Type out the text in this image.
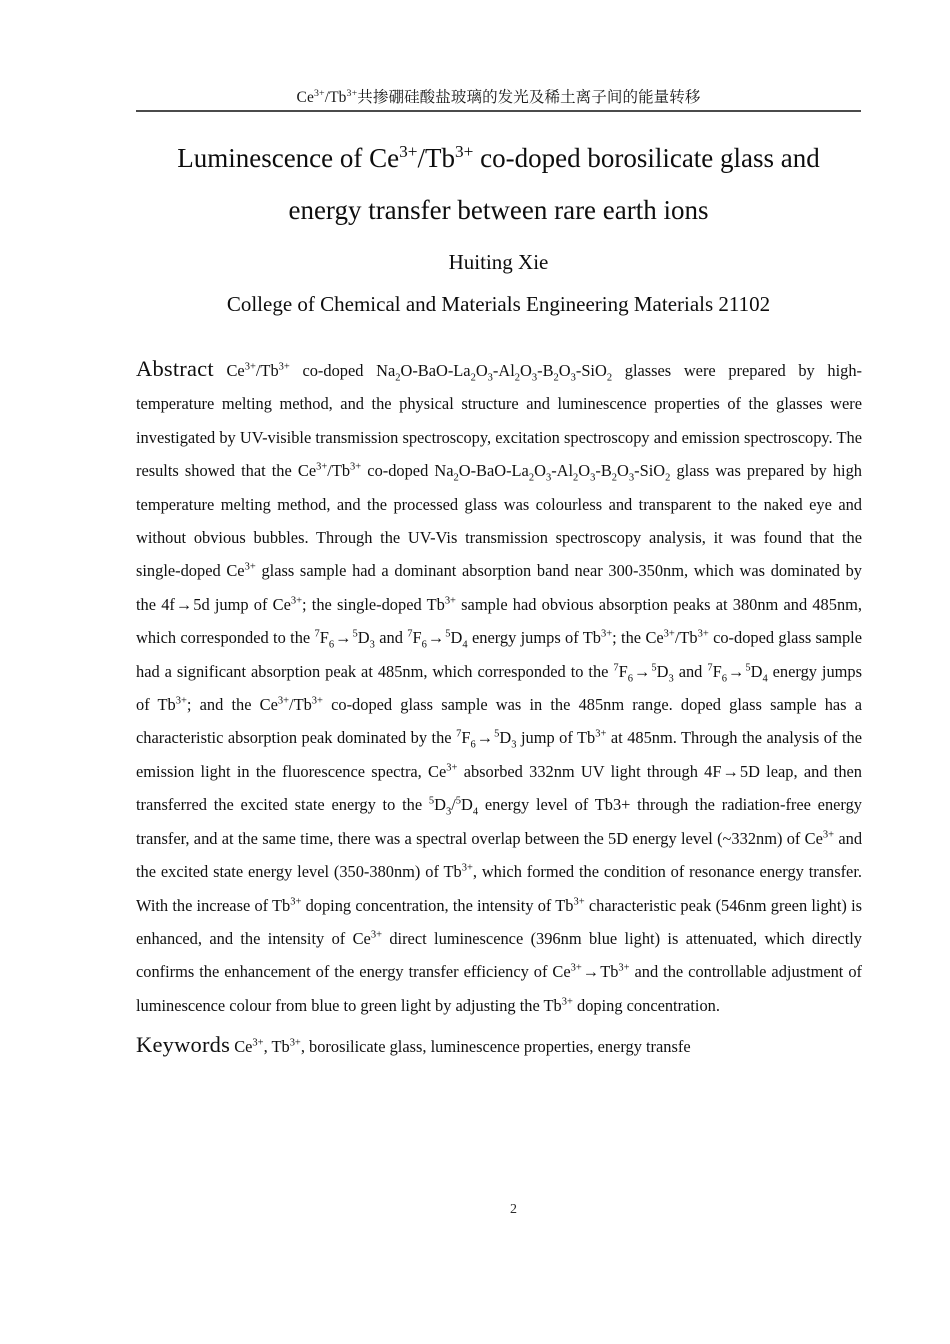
$Ce^{3+}/Tb^{3+}$共掺硼硅酸盐玻璃的发光及稀土离子间的能量转移
Luminescence of $Ce^{3+}/Tb^{3+}$ co-doped borosilicate glass and
energy transfer between rare earth ions
Huiting Xie
College of Chemical and Materials Engineering Materials 21102

Abstract $Ce^{3+}/Tb^{3+}$ co-doped $Na_2O-BaO-La_2O_3-Al_2O_3-B_2O_3-SiO_2$ glasses were prepared by high-temperature melting method, and the physical structure and luminescence properties of the glasses were investigated by UV-visible transmission spectroscopy, excitation spectroscopy and emission spectroscopy. The results showed that the $Ce^{3+}/Tb^{3+}$ co-doped $Na_2O-BaO-La_2O_3-Al_2O_3-B_2O_3-SiO_2$ glass was prepared by high temperature melting method, and the processed glass was colourless and transparent to the naked eye and without obvious bubbles. Through the UV-Vis transmission spectroscopy analysis, it was found that the single-doped $Ce^{3+}$ glass sample had a dominant absorption band near 300-350nm, which was dominated by the 4f→5d jump of $Ce^{3+}$; the single-doped $Tb^{3+}$ sample had obvious absorption peaks at 380nm and 485nm, which corresponded to the $^7F_6\to^5D_3$ and $^7F_6\to^5D_4$ energy jumps of $Tb^{3+}$; the $Ce^{3+}/Tb^{3+}$ co-doped glass sample had a significant absorption peak at 485nm, which corresponded to the $^7F_6\to^5D_3$ and $^7F_6\to^5D_4$ energy jumps of $Tb^{3+}$; and the $Ce^{3+}/Tb^{3+}$ co-doped glass sample was in the 485nm range. doped glass sample has a characteristic absorption peak dominated by the $^7F_6\to^5D_3$ jump of $Tb^{3+}$ at 485nm. Through the analysis of the emission light in the fluorescence spectra, $Ce^{3+}$ absorbed 332nm UV light through 4F→5D leap, and then transferred the excited state energy to the $^5D_3/^5D_4$ energy level of Tb3+ through the radiation-free energy transfer, and at the same time, there was a spectral overlap between the 5D energy level (~332nm) of $Ce^{3+}$ and the excited state energy level (350-380nm) of $Tb^{3+}$, which formed the condition of resonance energy transfer. With the increase of $Tb^{3+}$ doping concentration, the intensity of $Tb^{3+}$ characteristic peak (546nm green light) is enhanced, and the intensity of $Ce^{3+}$ direct luminescence (396nm blue light) is attenuated, which directly confirms the enhancement of the energy transfer efficiency of $Ce^{3+}\to Tb^{3+}$ and the controllable adjustment of luminescence colour from blue to green light by adjusting the $Tb^{3+}$ doping concentration.

Keywords $Ce^{3+}$, $Tb^{3+}$, borosilicate glass, luminescence properties, energy transfe

2
